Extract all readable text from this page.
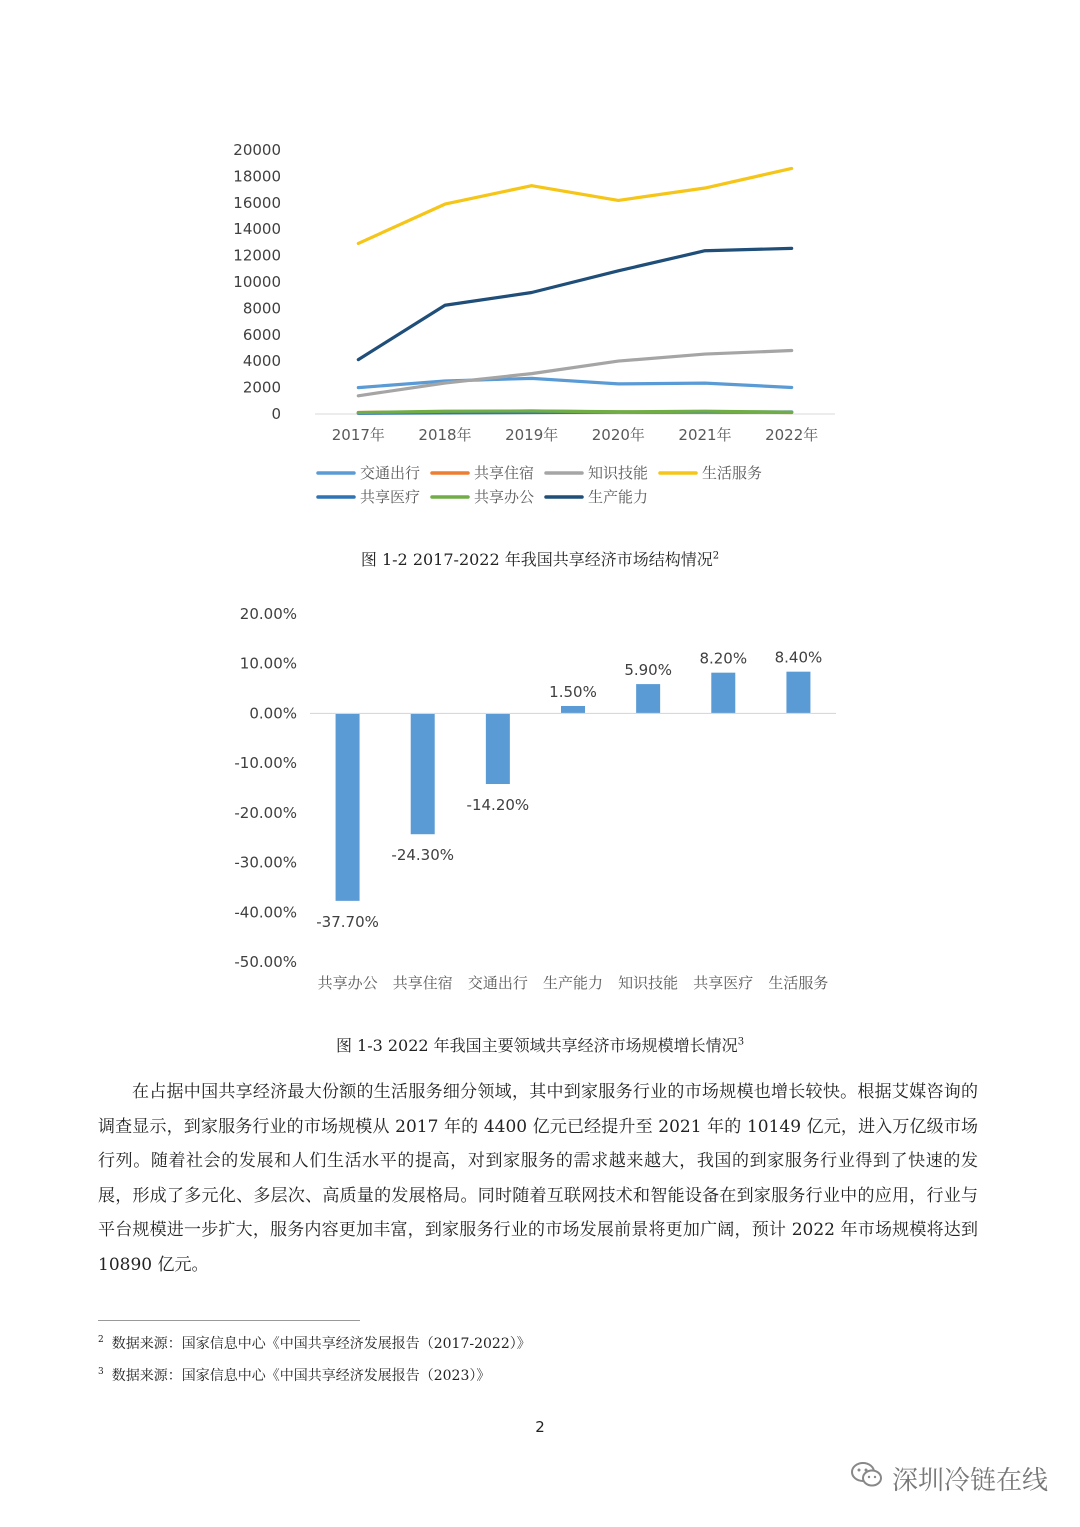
0
2000
4000
6000
8000
10000
12000
14000
16000
18000
20000
2017年 2018年 2019年 2020年 2021年 2022年
交通出行	共享住宿	知识技能	生活服务
共享医疗	共享办公	生产能力
图 1-2 2017-2022 年我国共享经济市场结构情况$^2$
20.00%
10.00%
0.00%
-10.00%
-20.00%
-30.00%
-40.00%
-50.00%
-37.70%
-24.30%
-14.20%
1.50%
5.90%
8.20% 8.40%
共享办公 共享住宿 交通出行 生产能力 知识技能 共享医疗 生活服务
图 1-3 2022 年我国主要领域共享经济市场规模增长情况$^3$

在占据中国共享经济最大份额的生活服务细分领域，其中到家服务行业的市场规模也增长较快。根据艾媒咨询的调查显示，到家服务行业的市场规模从 2017 年的 4400 亿元已经提升至 2021 年的 10149 亿元，进入万亿级市场行列。随着社会的发展和人们生活水平的提高，对到家服务的需求越来越大，我国的到家服务行业得到了快速的发展，形成了多元化、多层次、高质量的发展格局。同时随着互联网技术和智能设备在到家服务行业中的应用，行业与平台规模进一步扩大，服务内容更加丰富，到家服务行业的市场发展前景将更加广阔，预计 2022 年市场规模将达到 10890 亿元。

$^2$ 数据来源：国家信息中心《中国共享经济发展报告（2017-2022）》
$^3$ 数据来源：国家信息中心《中国共享经济发展报告（2023）》
2
深圳冷链在线
